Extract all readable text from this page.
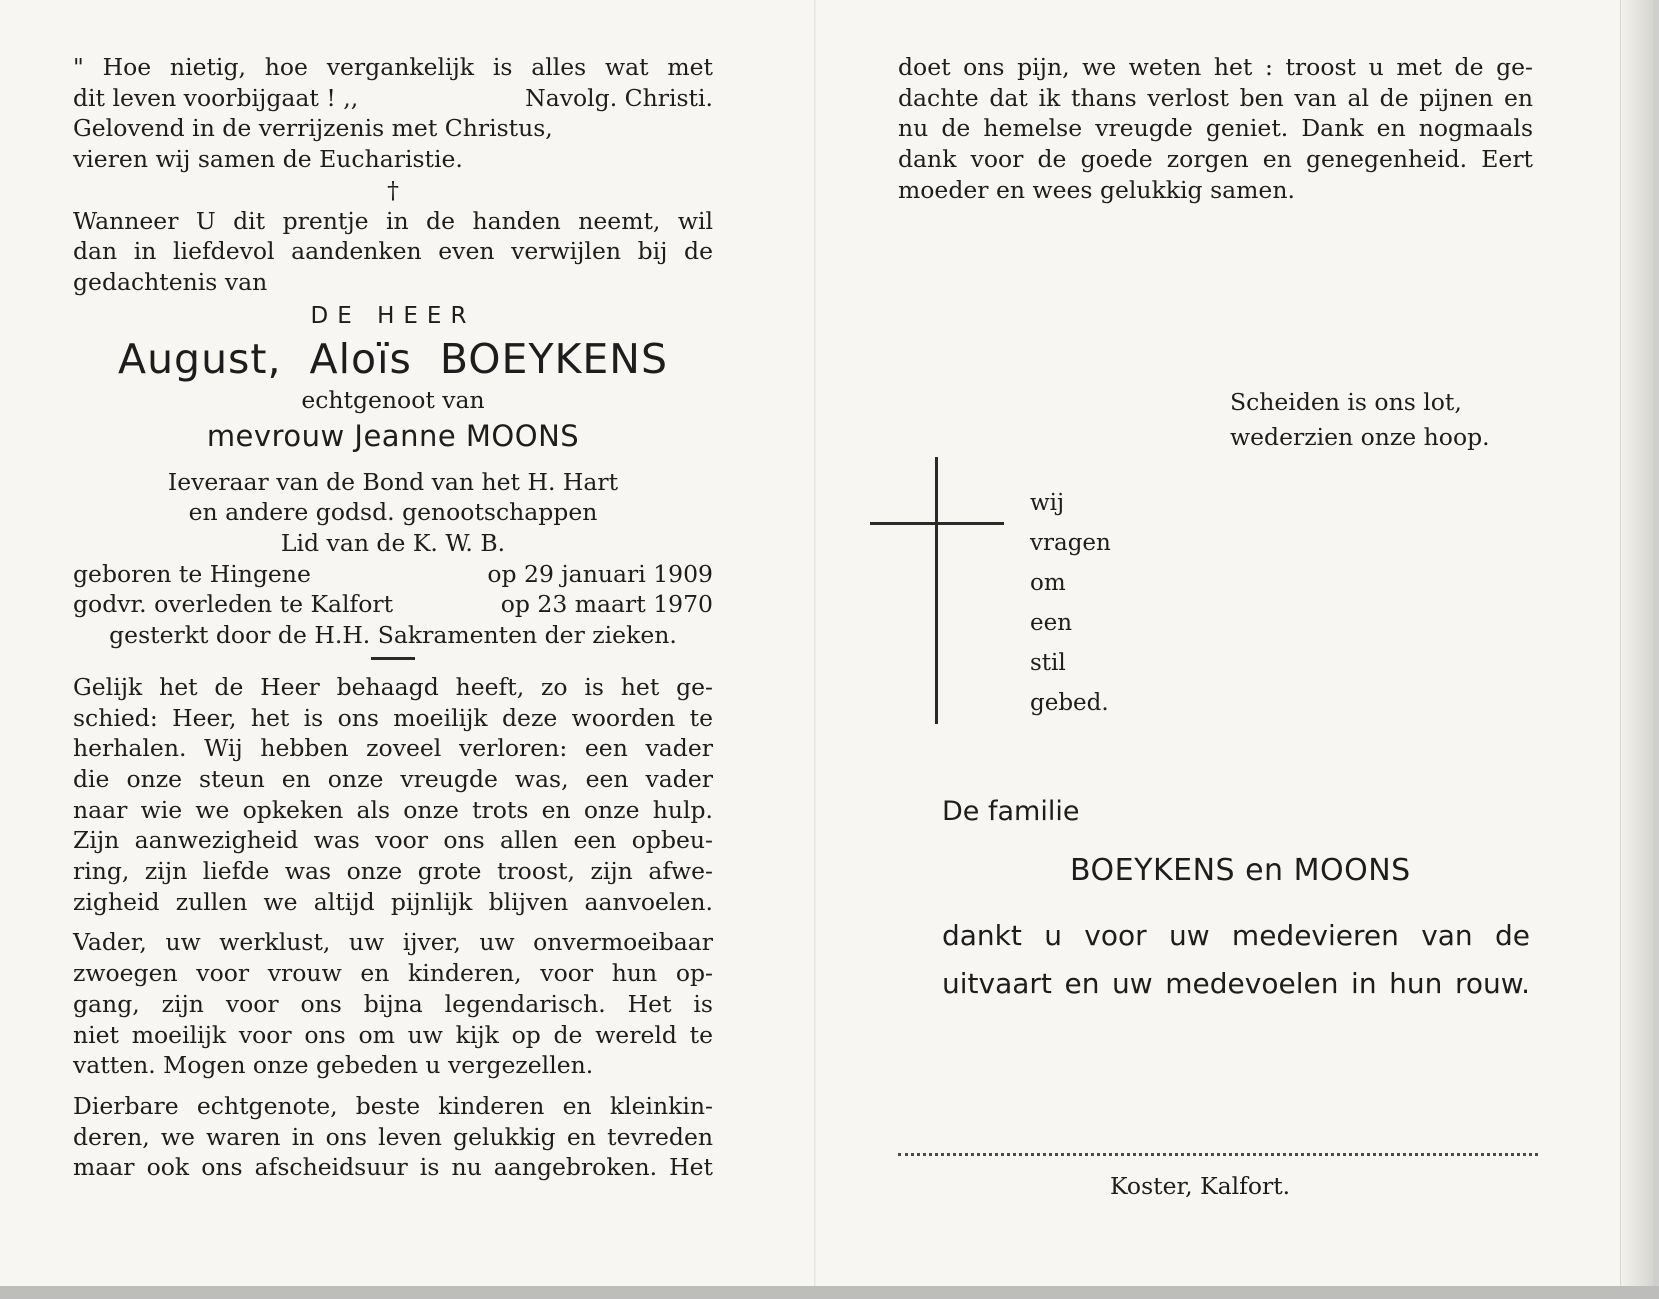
" Hoe nietig, hoe vergankelijk is alles wat met

dit leven voorbijgaat ! ,,	Navolg. Christi.

Gelovend in de verrijzenis met Christus,

vieren wij samen de Eucharistie.

†

Wanneer U dit prentje in de handen neemt, wil

dan in liefdevol aandenken even verwijlen bij de

gedachtenis van

DE HEER
August, Aloïs BOEYKENS
echtgenoot van
mevrouw Jeanne MOONS

Ieveraar van de Bond van het H. Hart

en andere godsd. genootschappen

Lid van de K. W. B.

geboren te Hingene	op 29 januari 1909
godvr. overleden te Kalfort	op 23 maart 1970

gesterkt door de H.H. Sakramenten der zieken.

Gelijk het de Heer behaagd heeft, zo is het ge-

schied: Heer, het is ons moeilijk deze woorden te

herhalen. Wij hebben zoveel verloren: een vader

die onze steun en onze vreugde was, een vader

naar wie we opkeken als onze trots en onze hulp.

Zijn aanwezigheid was voor ons allen een opbeu-

ring, zijn liefde was onze grote troost, zijn afwe-

zigheid zullen we altijd pijnlijk blijven aanvoelen.

Vader, uw werklust, uw ijver, uw onvermoeibaar

zwoegen voor vrouw en kinderen, voor hun op-

gang, zijn voor ons bijna legendarisch. Het is

niet moeilijk voor ons om uw kijk op de wereld te

vatten. Mogen onze gebeden u vergezellen.

Dierbare echtgenote, beste kinderen en kleinkin-

deren, we waren in ons leven gelukkig en tevreden

maar ook ons afscheidsuur is nu aangebroken. Het

doet ons pijn, we weten het : troost u met de ge-

dachte dat ik thans verlost ben van al de pijnen en

nu de hemelse vreugde geniet. Dank en nogmaals

dank voor de goede zorgen en genegenheid. Eert

moeder en wees gelukkig samen.

Scheiden is ons lot,

wederzien onze hoop.

wij
vragen
om
een
stil
gebed.
De familie
BOEYKENS en MOONS
dankt u voor uw medevieren van de
uitvaart en uw medevoelen in hun rouw.
Koster, Kalfort.
